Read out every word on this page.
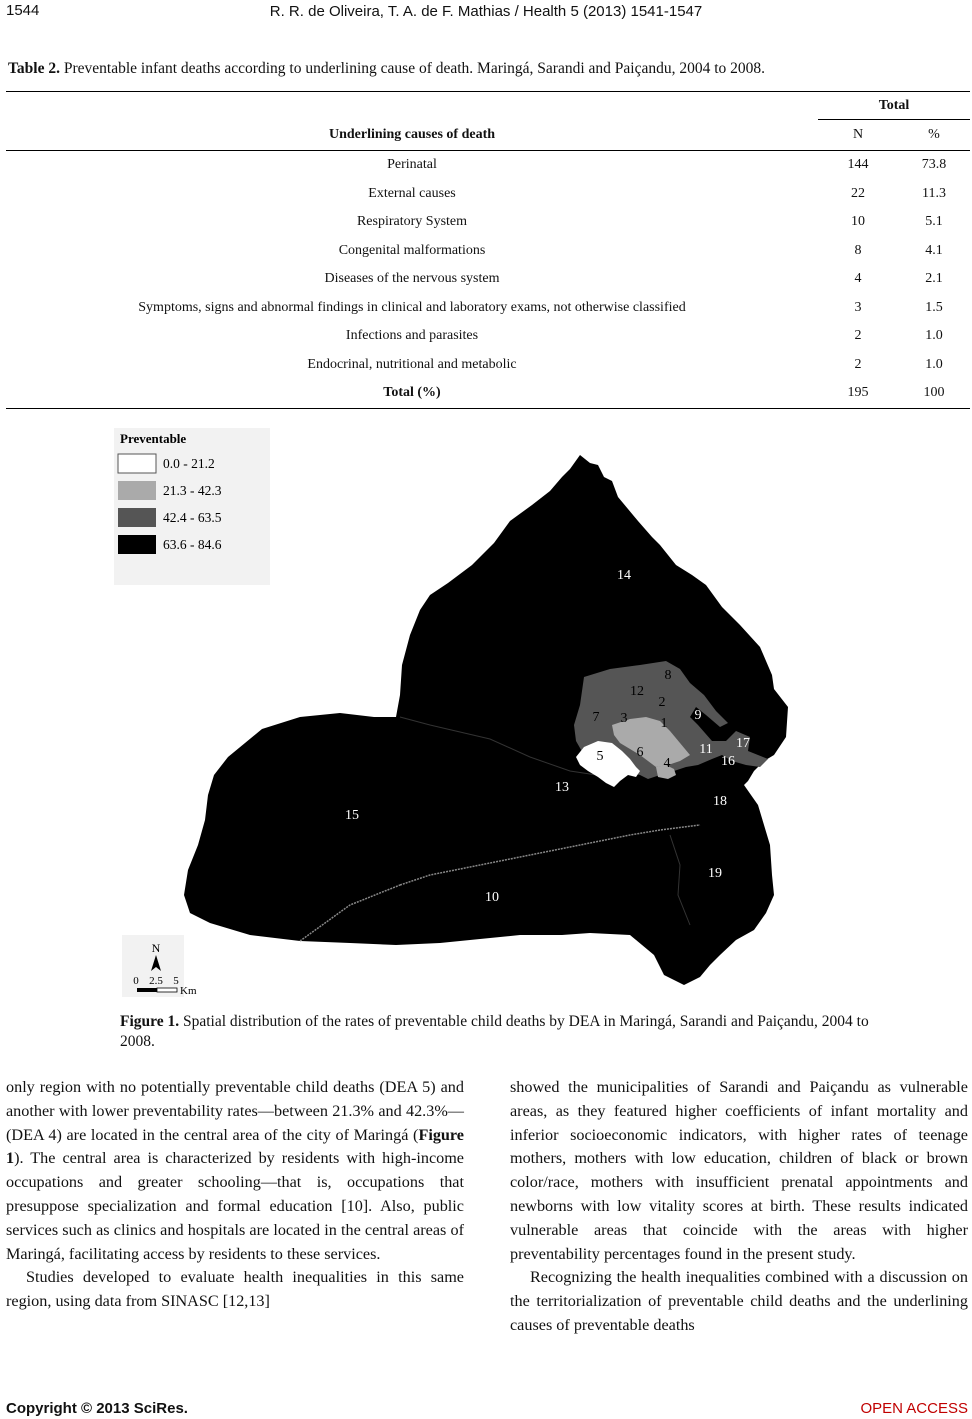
1544	R. R. de Oliveira, T. A. de F. Mathias / Health 5 (2013) 1541-1547
Table 2. Preventable infant deaths according to underlining cause of death. Maringá, Sarandi and Paiçandu, 2004 to 2008.
	Total	
Underlining causes of death	N	%
Perinatal	144	73.8
External causes	22	11.3
Respiratory System	10	5.1
Congenital malformations	8	4.1
Diseases of the nervous system	4	2.1
Symptoms, signs and abnormal findings in clinical and laboratory exams, not otherwise classified	3	1.5
Infections and parasites	2	1.0
Endocrinal, nutritional and metabolic	2	1.0
Total (%)	195	100
Preventable
0.0 - 21.2
21.3 - 42.3
42.4 - 63.5
63.6 - 84.6
14
8
12
2
9
7 3 1
17
5 6	11
4	16
13
18
15
19
10
N
0 2.5 5
Km
Figure 1. Spatial distribution of the rates of preventable child deaths by DEA in Maringá, Sarandi and Paiçandu, 2004 to 2008.

only region with no potentially preventable child deaths (DEA 5) and another with lower preventability rates—between 21.3% and 42.3%—(DEA 4) are located in the central area of the city of Maringá (Figure 1). The central area is characterized by residents with high-income occupations and greater schooling—that is, occupations that presuppose specialization and formal education [10]. Also, public services such as clinics and hospitals are located in the central areas of Maringá, facilitating access by residents to these services.

Studies developed to evaluate health inequalities in this same region, using data from SINASC [12,13]

showed the municipalities of Sarandi and Paiçandu as vulnerable areas, as they featured higher coefficients of infant mortality and inferior socioeconomic indicators, with higher rates of teenage mothers, mothers with low education, children of black or brown color/race, mothers with insufficient prenatal appointments and newborns with low vitality scores at birth. These results indicated vulnerable areas that coincide with the areas with higher preventability percentages found in the present study.

Recognizing the health inequalities combined with a discussion on the territorialization of preventable child deaths and the underlining causes of preventable deaths

Copyright © 2013 SciRes.	OPEN ACCESS
